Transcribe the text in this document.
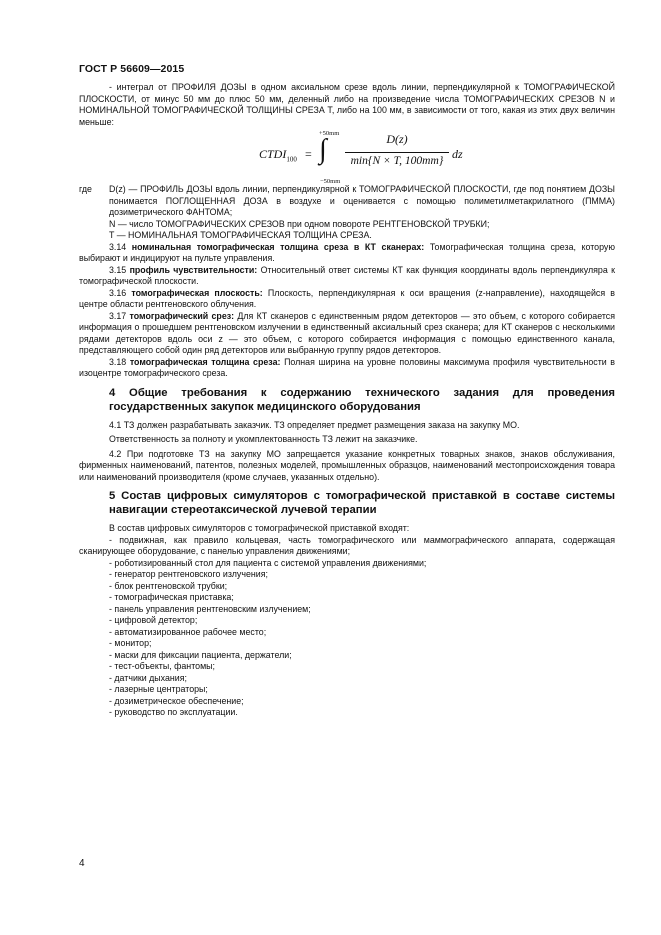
ГОСТ Р 56609—2015

- интеграл от ПРОФИЛЯ ДОЗЫ в одном аксиальном срезе вдоль линии, перпендикулярной к ТОМОГРАФИЧЕСКОЙ ПЛОСКОСТИ, от минус 50 мм до плюс 50 мм, деленный либо на произведение числа ТОМОГРАФИЧЕСКИХ СРЕЗОВ N и НОМИНАЛЬНОЙ ТОМОГРАФИЧЕСКОЙ ТОЛЩИНЫ СРЕЗА T, либо на 100 мм, в зависимости от того, какая из этих двух величин меньше:

$CTDI_{100}$ =
+50mm
∫
−50mm
D(z)
min{N × T, 100mm} dz
где	D(z) — ПРОФИЛЬ ДОЗЫ вдоль линии, перпендикулярной к ТОМОГРАФИЧЕСКОЙ ПЛОСКОСТИ, где под понятием ДОЗЫ понимается ПОГЛОЩЕННАЯ ДОЗА в воздухе и оценивается с помощью полиметилметакрилатного (ПММА) дозиметрического ФАНТОМА;

N — число ТОМОГРАФИЧЕСКИХ СРЕЗОВ при одном повороте РЕНТГЕНОВСКОЙ ТРУБКИ;

T — НОМИНАЛЬНАЯ ТОМОГРАФИЧЕСКАЯ ТОЛЩИНА СРЕЗА.

3.14 номинальная томографическая толщина среза в КТ сканерах: Томографическая толщина среза, которую выбирают и индицируют на пульте управления.

3.15 профиль чувствительности: Относительный ответ системы КТ как функция координаты вдоль перпендикуляра к томографической плоскости.

3.16 томографическая плоскость: Плоскость, перпендикулярная к оси вращения (z-направление), находящейся в центре области рентгеновского облучения.

3.17 томографический срез: Для КТ сканеров с единственным рядом детекторов — это объем, с которого собирается информация о прошедшем рентгеновском излучении в единственный аксиальный срез сканера; для КТ сканеров с несколькими рядами детекторов вдоль оси z — это объем, с которого собирается информация с помощью единственного канала, представляющего собой один ряд детекторов или выбранную группу рядов детекторов.

3.18 томографическая толщина среза: Полная ширина на уровне половины максимума профиля чувствительности в изоцентре томографического среза.

4 Общие требования к содержанию технического задания для проведения государственных закупок медицинского оборудования

4.1 ТЗ должен разрабатывать заказчик. ТЗ определяет предмет размещения заказа на закупку МО.

Ответственность за полноту и укомплектованность ТЗ лежит на заказчике.

4.2 При подготовке ТЗ на закупку МО запрещается указание конкретных товарных знаков, знаков обслуживания, фирменных наименований, патентов, полезных моделей, промышленных образцов, наименований местопроисхождения товара или наименований производителя (кроме случаев, указанных отдельно).

5 Состав цифровых симуляторов с томографической приставкой в составе системы навигации стереотаксической лучевой терапии

В состав цифровых симуляторов с томографической приставкой входят:

- подвижная, как правило кольцевая, часть томографического или маммографического аппарата, содержащая сканирующее оборудование, с панелью управления движениями;

- роботизированный стол для пациента с системой управления движениями;

- генератор рентгеновского излучения;

- блок рентгеновской трубки;

- томографическая приставка;

- панель управления рентгеновским излучением;

- цифровой детектор;

- автоматизированное рабочее место;

- монитор;

- маски для фиксации пациента, держатели;

- тест-объекты, фантомы;

- датчики дыхания;

- лазерные центраторы;

- дозиметрическое обеспечение;

- руководство по эксплуатации.

4
